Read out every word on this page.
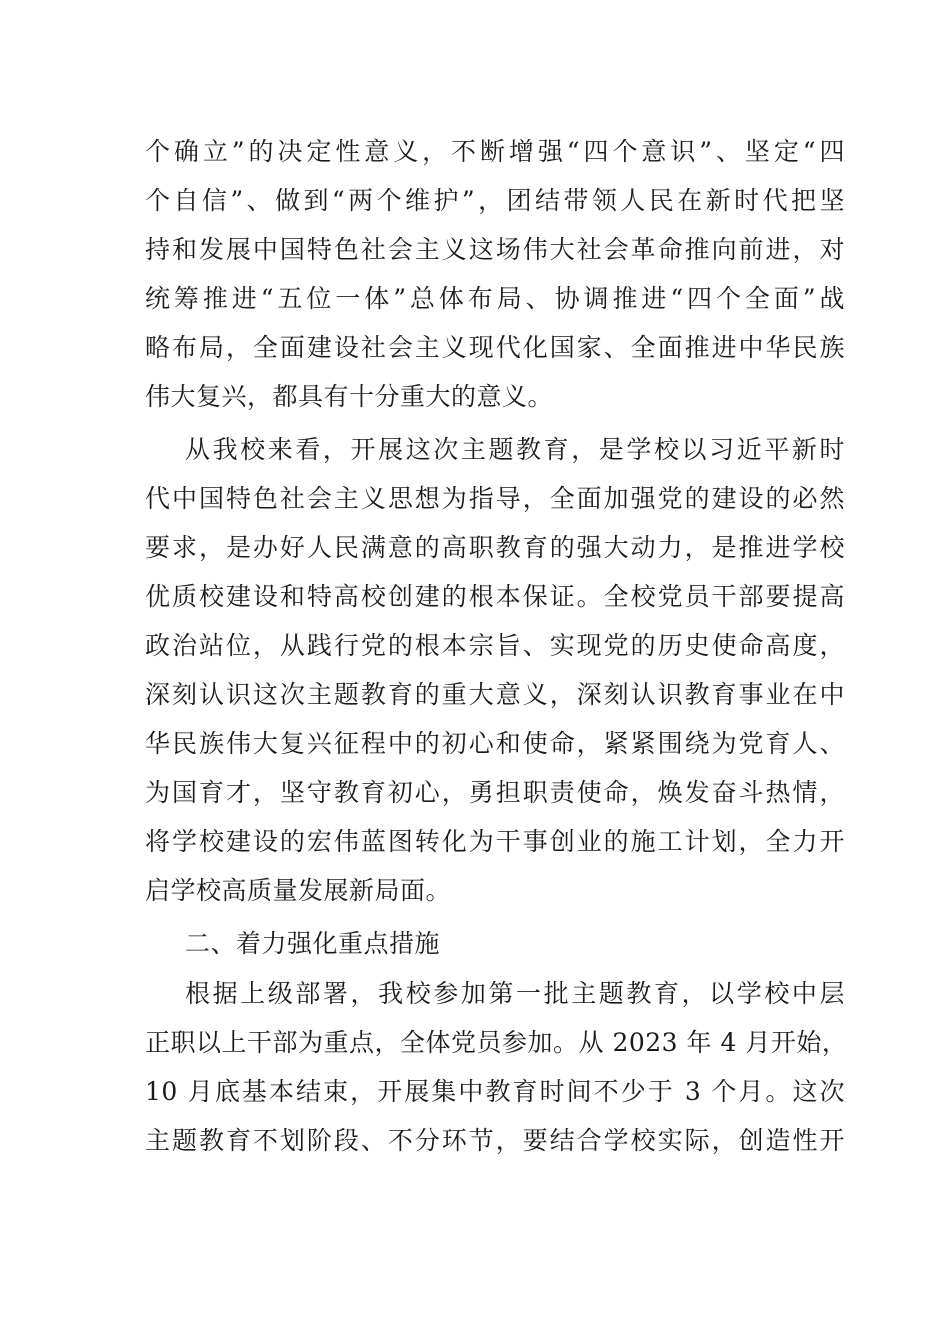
个确立”的决定性意义，不断增强“四个意识”、坚定“四
个自信”、做到“两个维护”，团结带领人民在新时代把坚
持和发展中国特色社会主义这场伟大社会革命推向前进，对
统筹推进“五位一体”总体布局、协调推进“四个全面”战
略布局，全面建设社会主义现代化国家、全面推进中华民族
伟大复兴，都具有十分重大的意义。
从我校来看，开展这次主题教育，是学校以习近平新时
代中国特色社会主义思想为指导，全面加强党的建设的必然
要求，是办好人民满意的高职教育的强大动力，是推进学校
优质校建设和特高校创建的根本保证。全校党员干部要提高
政治站位，从践行党的根本宗旨、实现党的历史使命高度，
深刻认识这次主题教育的重大意义，深刻认识教育事业在中
华民族伟大复兴征程中的初心和使命，紧紧围绕为党育人、
为国育才，坚守教育初心，勇担职责使命，焕发奋斗热情，
将学校建设的宏伟蓝图转化为干事创业的施工计划，全力开
启学校高质量发展新局面。
二、着力强化重点措施
根据上级部署，我校参加第一批主题教育，以学校中层
正职以上干部为重点，全体党员参加。从 2023 年 4 月开始，
10 月底基本结束，开展集中教育时间不少于 3 个月。这次
主题教育不划阶段、不分环节，要结合学校实际，创造性开
